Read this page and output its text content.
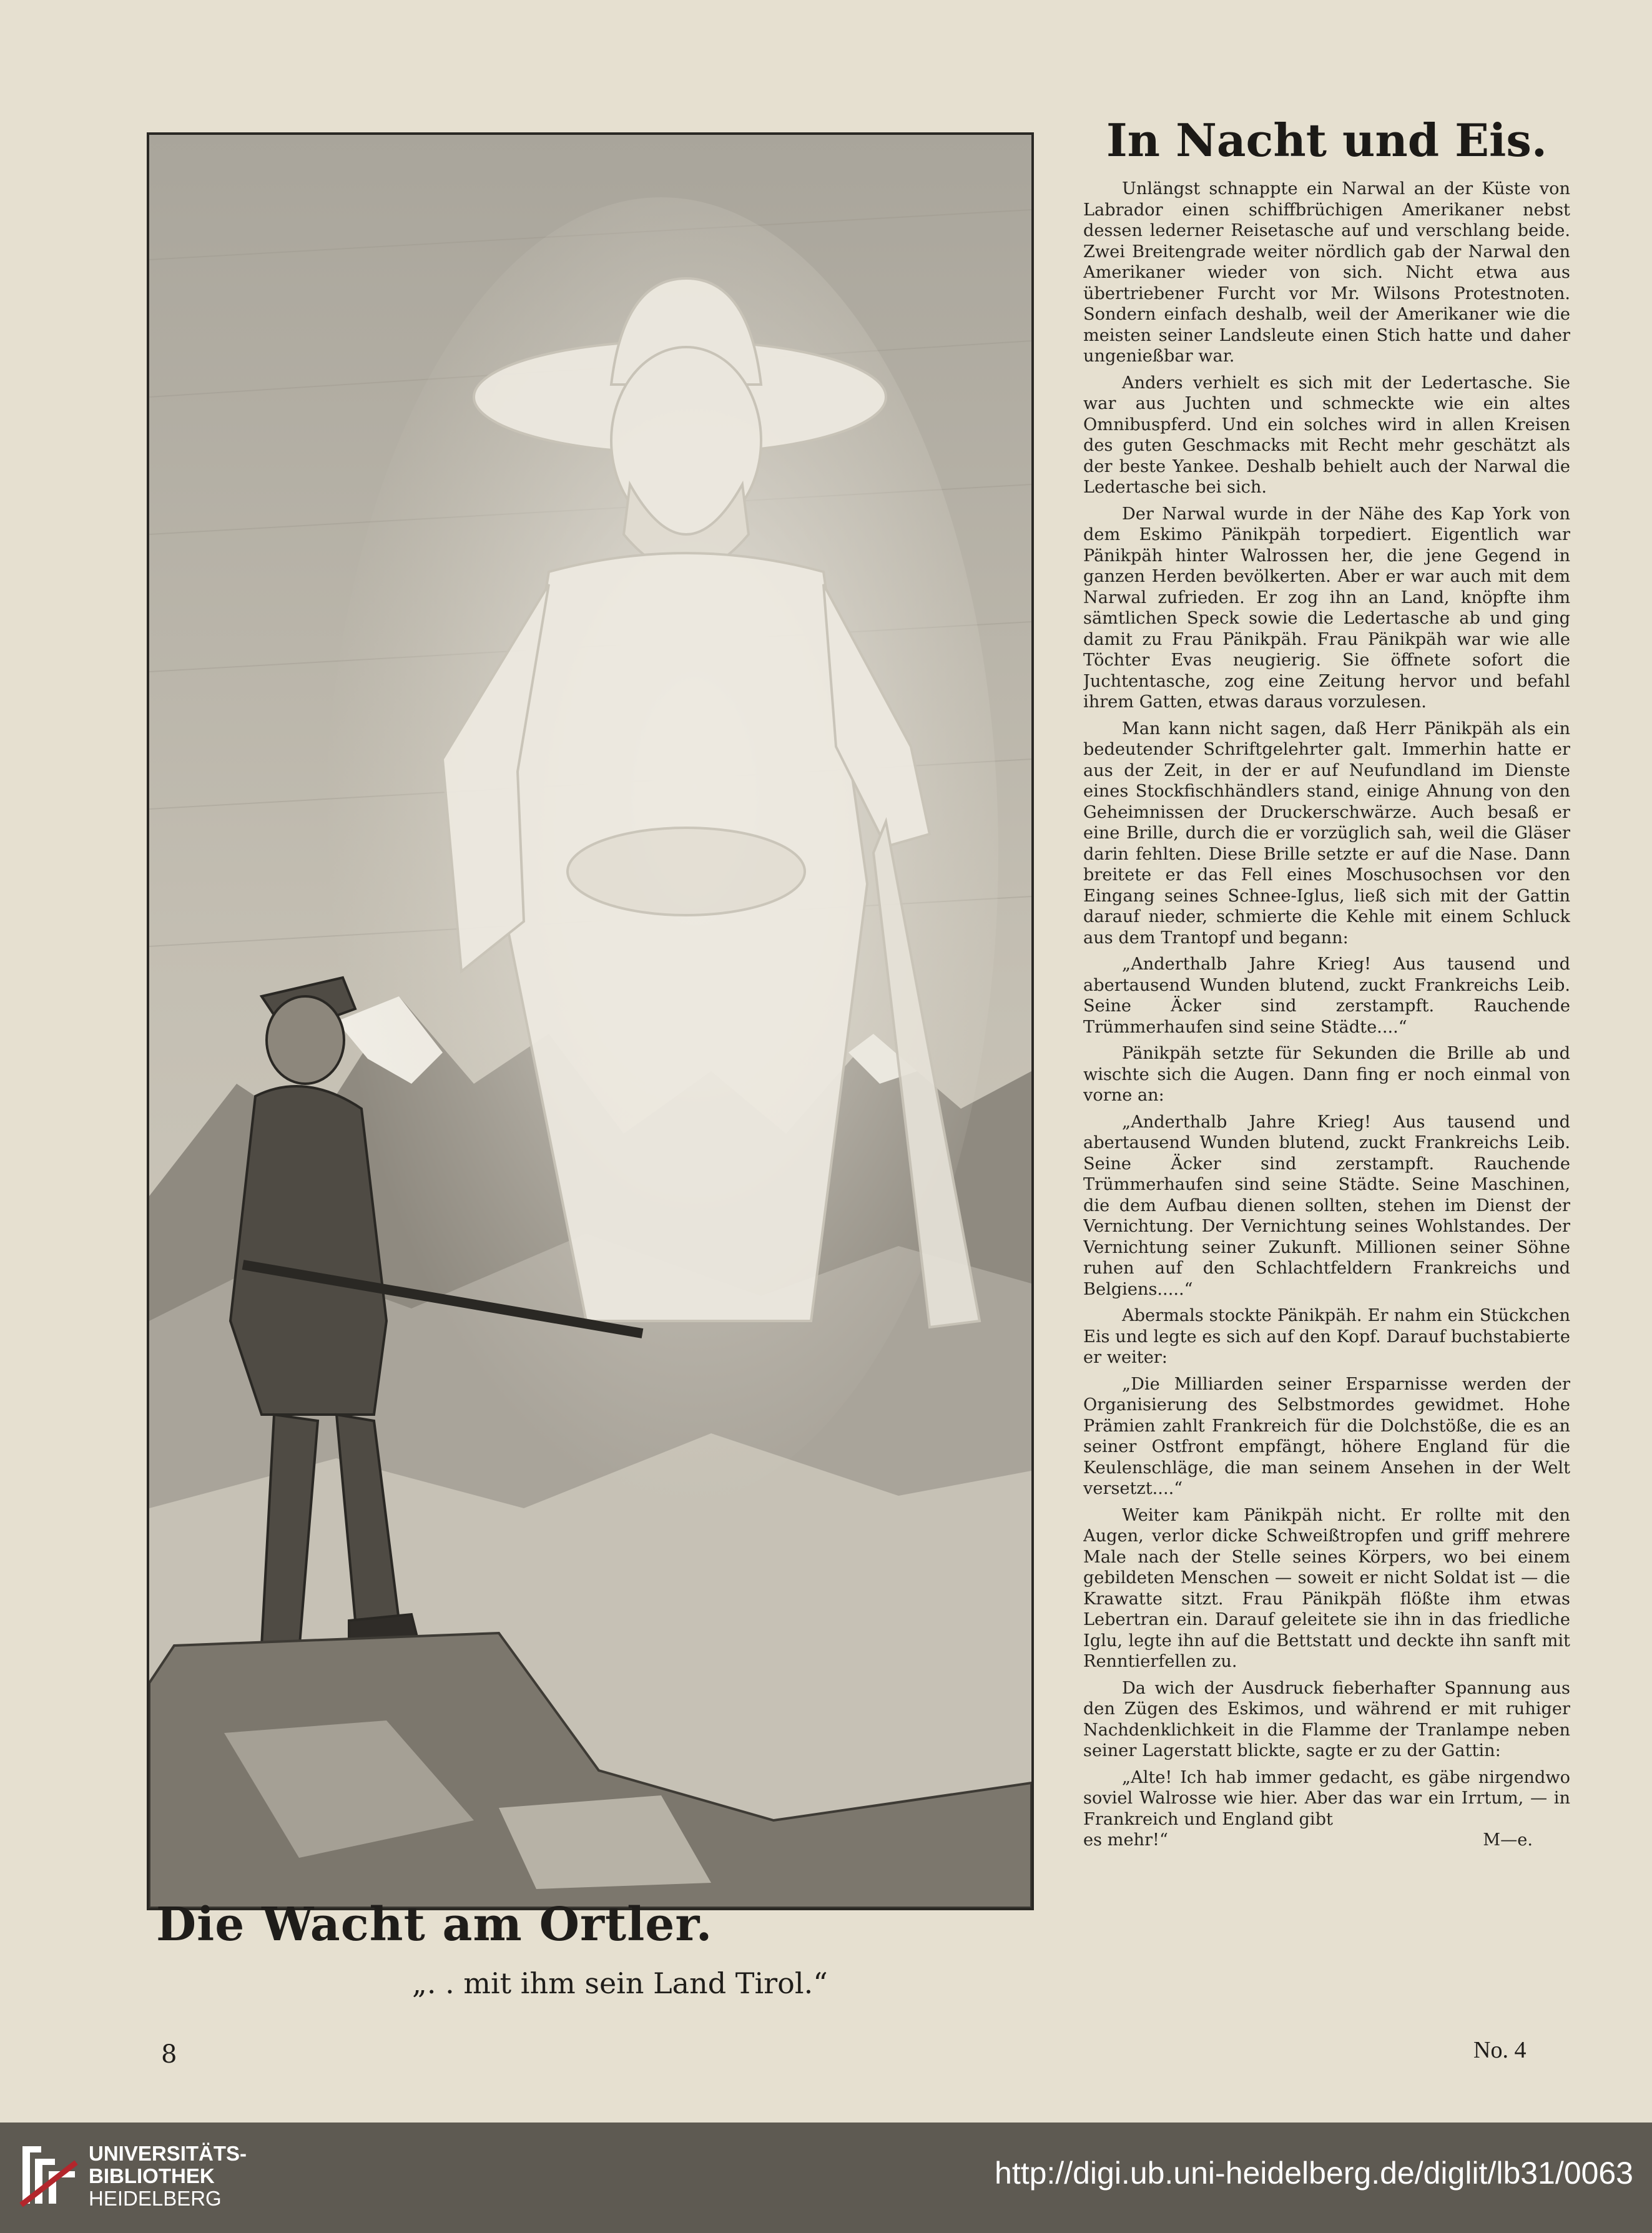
Die Wacht am Ortler.
„. . mit ihm sein Land Tirol.“
In Nacht und Eis.

Unlängst schnappte ein Narwal an der Küste von Labrador einen schiffbrüchigen Amerikaner nebst dessen lederner Reisetasche auf und verschlang beide. Zwei Breitengrade weiter nördlich gab der Narwal den Amerikaner wieder von sich. Nicht etwa aus übertriebener Furcht vor Mr. Wilsons Protestnoten. Sondern einfach deshalb, weil der Amerikaner wie die meisten seiner Landsleute einen Stich hatte und daher ungenießbar war.

Anders verhielt es sich mit der Ledertasche. Sie war aus Juchten und schmeckte wie ein altes Omnibuspferd. Und ein solches wird in allen Kreisen des guten Geschmacks mit Recht mehr geschätzt als der beste Yankee. Deshalb behielt auch der Narwal die Ledertasche bei sich.

Der Narwal wurde in der Nähe des Kap York von dem Eskimo Pänikpäh torpediert. Eigentlich war Pänikpäh hinter Walrossen her, die jene Gegend in ganzen Herden bevölkerten. Aber er war auch mit dem Narwal zufrieden. Er zog ihn an Land, knöpfte ihm sämtlichen Speck sowie die Ledertasche ab und ging damit zu Frau Pänikpäh. Frau Pänikpäh war wie alle Töchter Evas neugierig. Sie öffnete sofort die Juchtentasche, zog eine Zeitung hervor und befahl ihrem Gatten, etwas daraus vorzulesen.

Man kann nicht sagen, daß Herr Pänikpäh als ein bedeutender Schriftgelehrter galt. Immerhin hatte er aus der Zeit, in der er auf Neufundland im Dienste eines Stockfischhändlers stand, einige Ahnung von den Geheimnissen der Druckerschwärze. Auch besaß er eine Brille, durch die er vorzüglich sah, weil die Gläser darin fehlten. Diese Brille setzte er auf die Nase. Dann breitete er das Fell eines Moschusochsen vor den Eingang seines Schnee-Iglus, ließ sich mit der Gattin darauf nieder, schmierte die Kehle mit einem Schluck aus dem Trantopf und begann:

„Anderthalb Jahre Krieg! Aus tausend und abertausend Wunden blutend, zuckt Frankreichs Leib. Seine Äcker sind zerstampft. Rauchende Trümmerhaufen sind seine Städte....“

Pänikpäh setzte für Sekunden die Brille ab und wischte sich die Augen. Dann fing er noch einmal von vorne an:

„Anderthalb Jahre Krieg! Aus tausend und abertausend Wunden blutend, zuckt Frankreichs Leib. Seine Äcker sind zerstampft. Rauchende Trümmerhaufen sind seine Städte. Seine Maschinen, die dem Aufbau dienen sollten, stehen im Dienst der Vernichtung. Der Vernichtung seines Wohlstandes. Der Vernichtung seiner Zukunft. Millionen seiner Söhne ruhen auf den Schlachtfeldern Frankreichs und Belgiens.....“

Abermals stockte Pänikpäh. Er nahm ein Stückchen Eis und legte es sich auf den Kopf. Darauf buchstabierte er weiter:

„Die Milliarden seiner Ersparnisse werden der Organisierung des Selbstmordes gewidmet. Hohe Prämien zahlt Frankreich für die Dolchstöße, die es an seiner Ostfront empfängt, höhere England für die Keulenschläge, die man seinem Ansehen in der Welt versetzt....“

Weiter kam Pänikpäh nicht. Er rollte mit den Augen, verlor dicke Schweißtropfen und griff mehrere Male nach der Stelle seines Körpers, wo bei einem gebildeten Menschen — soweit er nicht Soldat ist — die Krawatte sitzt. Frau Pänikpäh flößte ihm etwas Lebertran ein. Darauf geleitete sie ihn in das friedliche Iglu, legte ihn auf die Bettstatt und deckte ihn sanft mit Renntierfellen zu.

Da wich der Ausdruck fieberhafter Spannung aus den Zügen des Eskimos, und während er mit ruhiger Nachdenklichkeit in die Flamme der Tranlampe neben seiner Lagerstatt blickte, sagte er zu der Gattin:

„Alte! Ich hab immer gedacht, es gäbe nirgendwo soviel Walrosse wie hier. Aber das war ein Irrtum, — in Frankreich und England gibt

es mehr!“	M—e.
8	No. 4
UNIVERSITÄTS-
BIBLIOTHEK
HEIDELBERG
http://digi.ub.uni-heidelberg.de/diglit/lb31/0063
